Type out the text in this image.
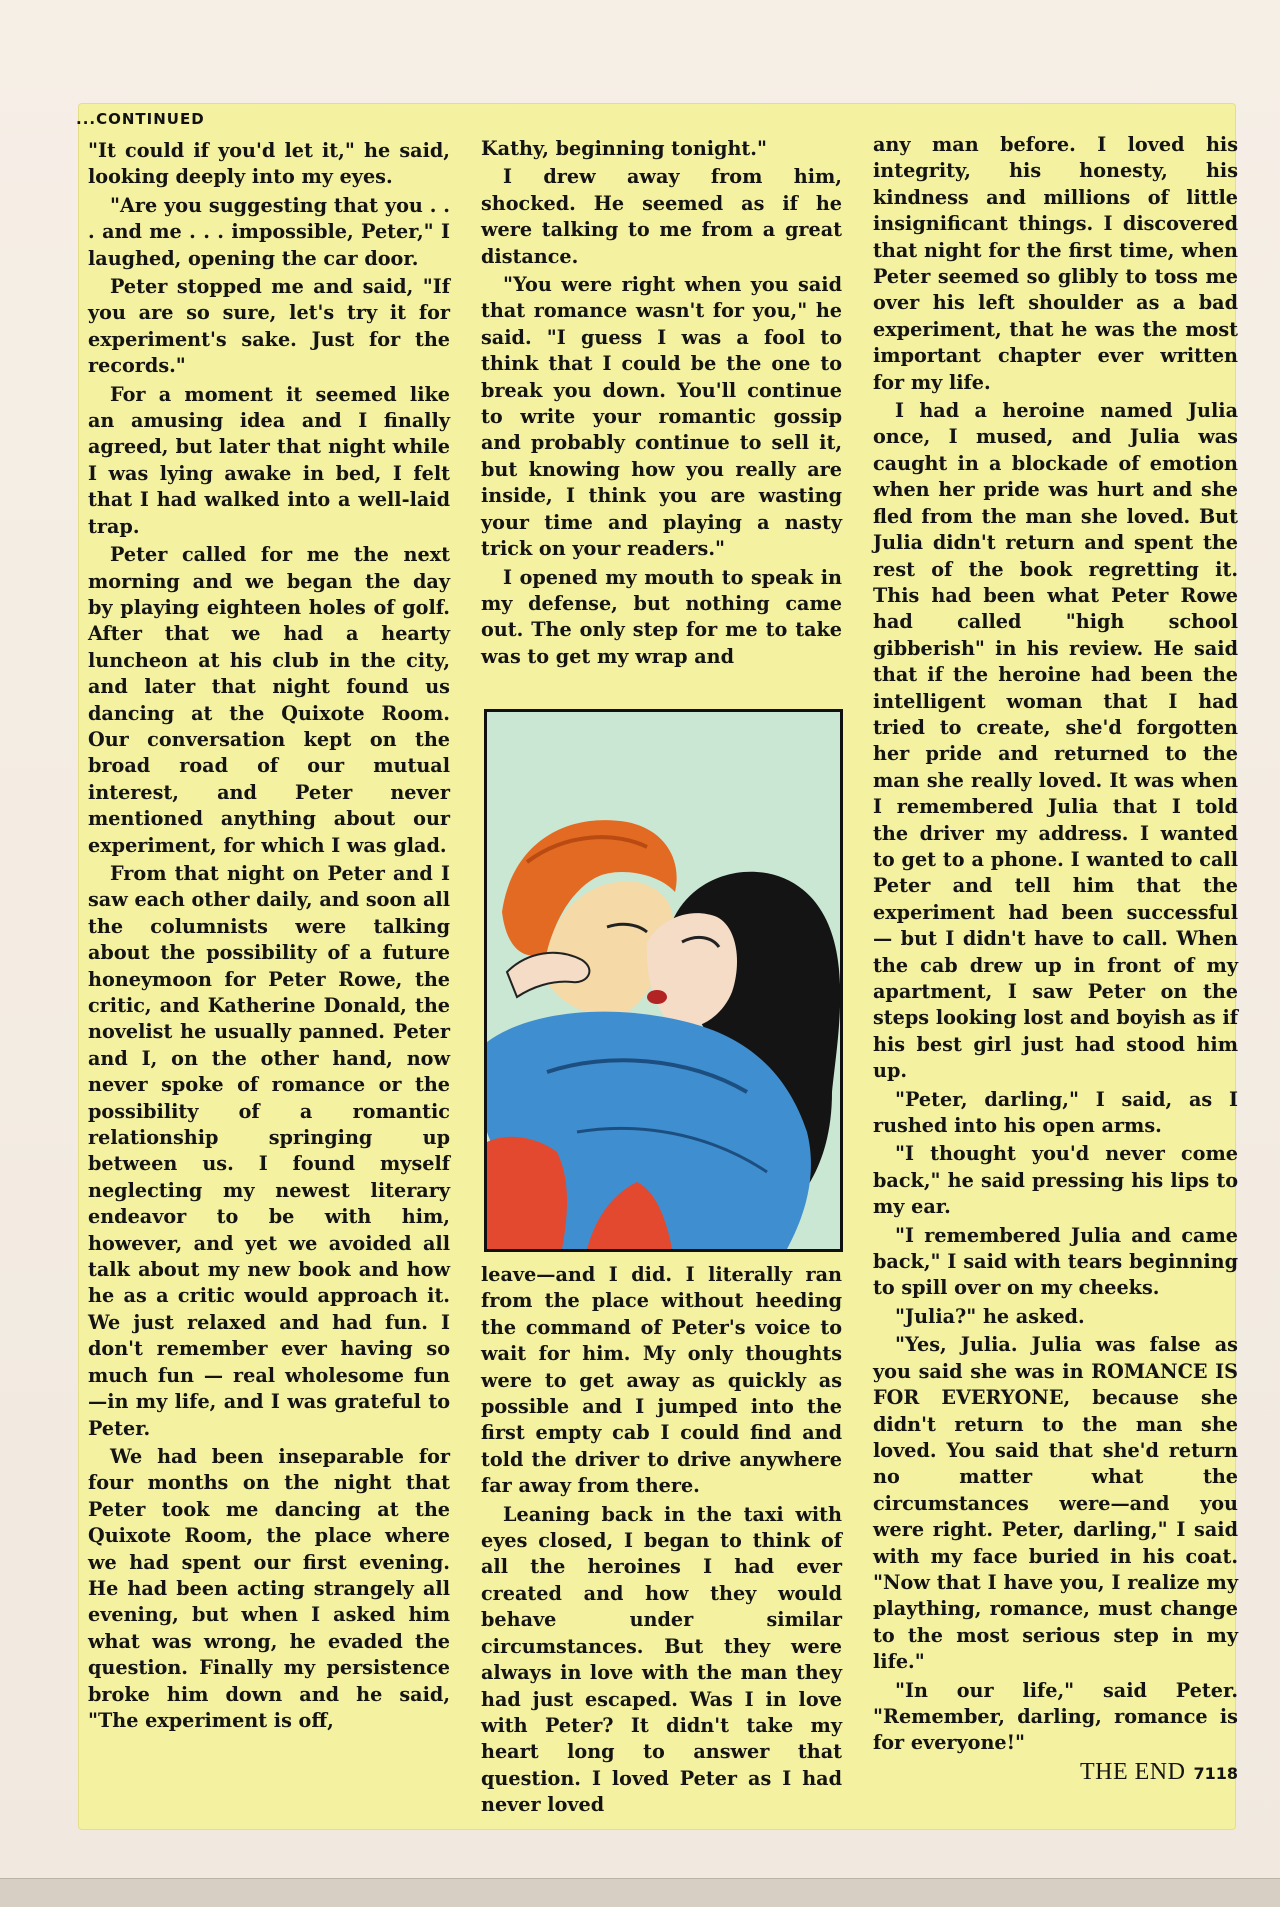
...CONTINUED

"It could if you'd let it," he said, looking deeply into my eyes.

"Are you suggesting that you . . . and me . . . impossible, Peter," I laughed, opening the car door.

Peter stopped me and said, "If you are so sure, let's try it for experiment's sake. Just for the records."

For a moment it seemed like an amusing idea and I finally agreed, but later that night while I was lying awake in bed, I felt that I had walked into a well-laid trap.

Peter called for me the next morning and we began the day by playing eighteen holes of golf. After that we had a hearty luncheon at his club in the city, and later that night found us dancing at the Quixote Room. Our conversation kept on the broad road of our mutual interest, and Peter never mentioned anything about our experiment, for which I was glad.

From that night on Peter and I saw each other daily, and soon all the columnists were talking about the possibility of a future honeymoon for Peter Rowe, the critic, and Katherine Donald, the novelist he usually panned. Peter and I, on the other hand, now never spoke of romance or the possibility of a romantic relationship springing up between us. I found myself neglecting my newest literary endeavor to be with him, however, and yet we avoided all talk about my new book and how he as a critic would approach it. We just relaxed and had fun. I don't remember ever having so much fun — real wholesome fun—in my life, and I was grateful to Peter.

We had been inseparable for four months on the night that Peter took me dancing at the Quixote Room, the place where we had spent our first evening. He had been acting strangely all evening, but when I asked him what was wrong, he evaded the question. Finally my persistence broke him down and he said, "The experiment is off,

Kathy, beginning tonight."

I drew away from him, shocked. He seemed as if he were talking to me from a great distance.

"You were right when you said that romance wasn't for you," he said. "I guess I was a fool to think that I could be the one to break you down. You'll continue to write your romantic gossip and probably continue to sell it, but knowing how you really are inside, I think you are wasting your time and playing a nasty trick on your readers."

I opened my mouth to speak in my defense, but nothing came out. The only step for me to take was to get my wrap and

leave—and I did. I literally ran from the place without heeding the command of Peter's voice to wait for him. My only thoughts were to get away as quickly as possible and I jumped into the first empty cab I could find and told the driver to drive anywhere far away from there.

Leaning back in the taxi with eyes closed, I began to think of all the heroines I had ever created and how they would behave under similar circumstances. But they were always in love with the man they had just escaped. Was I in love with Peter? It didn't take my heart long to answer that question. I loved Peter as I had never loved

any man before. I loved his integrity, his honesty, his kindness and millions of little insignificant things. I discovered that night for the first time, when Peter seemed so glibly to toss me over his left shoulder as a bad experiment, that he was the most important chapter ever written for my life.

I had a heroine named Julia once, I mused, and Julia was caught in a blockade of emotion when her pride was hurt and she fled from the man she loved. But Julia didn't return and spent the rest of the book regretting it. This had been what Peter Rowe had called "high school gibberish" in his review. He said that if the heroine had been the intelligent woman that I had tried to create, she'd forgotten her pride and returned to the man she really loved. It was when I remembered Julia that I told the driver my address. I wanted to get to a phone. I wanted to call Peter and tell him that the experiment had been successful — but I didn't have to call. When the cab drew up in front of my apartment, I saw Peter on the steps looking lost and boyish as if his best girl just had stood him up.

"Peter, darling," I said, as I rushed into his open arms.

"I thought you'd never come back," he said pressing his lips to my ear.

"I remembered Julia and came back," I said with tears beginning to spill over on my cheeks.

"Julia?" he asked.

"Yes, Julia. Julia was false as you said she was in ROMANCE IS FOR EVERYONE, because she didn't return to the man she loved. You said that she'd return no matter what the circumstances were—and you were right. Peter, darling," I said with my face buried in his coat. "Now that I have you, I realize my plaything, romance, must change to the most serious step in my life."

"In our life," said Peter. "Remember, darling, romance is for everyone!"

THE END 7118
